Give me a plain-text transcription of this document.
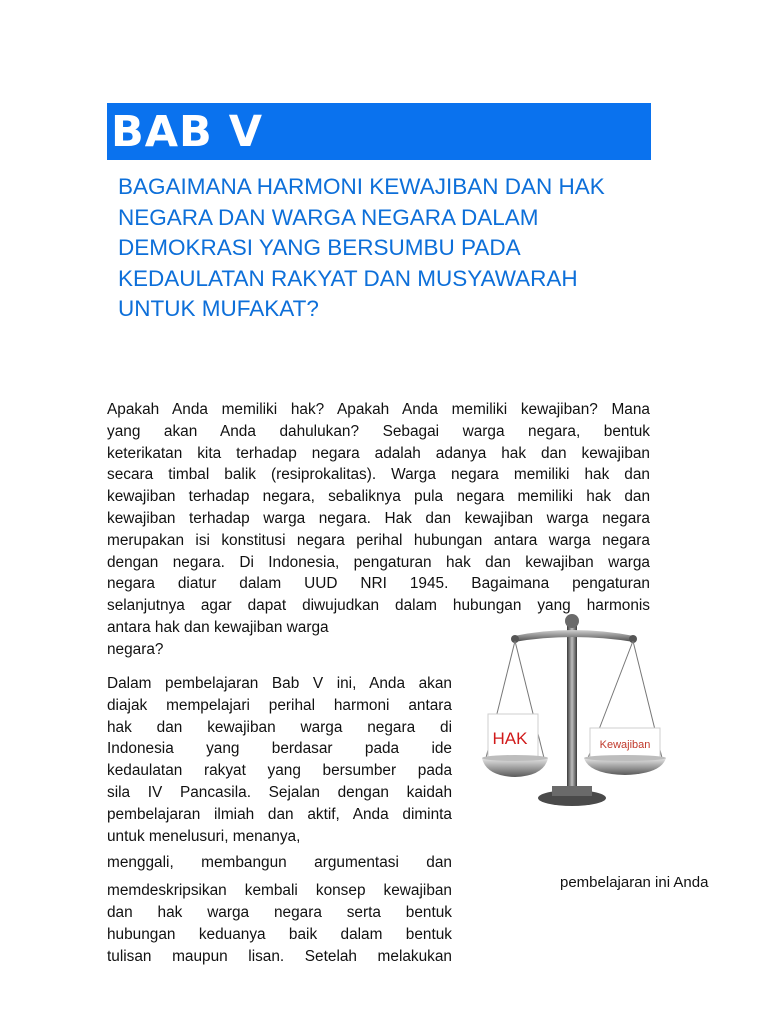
BAB V
BAGAIMANA HARMONI KEWAJIBAN DAN HAK
NEGARA DAN WARGA NEGARA DALAM
DEMOKRASI YANG BERSUMBU PADA
KEDAULATAN RAKYAT DAN MUSYAWARAH
UNTUK MUFAKAT?
Apakah Anda memiliki hak? Apakah Anda memiliki kewajiban? Mana
yang akan Anda dahulukan? Sebagai warga negara, bentuk
keterikatan kita terhadap negara adalah adanya hak dan kewajiban
secara timbal balik (resiprokalitas). Warga negara memiliki hak dan
kewajiban terhadap negara, sebaliknya pula negara memiliki hak dan
kewajiban terhadap warga negara. Hak dan kewajiban warga negara
merupakan isi konstitusi negara perihal hubungan antara warga negara
dengan negara. Di Indonesia, pengaturan hak dan kewajiban warga
negara diatur dalam UUD NRI 1945. Bagaimana pengaturan
selanjutnya agar dapat diwujudkan dalam hubungan yang harmonis
antara hak dan kewajiban warga
negara?
Dalam pembelajaran Bab V ini, Anda akan
diajak mempelajari perihal harmoni antara
hak dan kewajiban warga negara di
Indonesia yang berdasar pada ide
kedaulatan rakyat yang bersumber pada
sila IV Pancasila. Sejalan dengan kaidah
pembelajaran ilmiah dan aktif, Anda diminta
untuk menelusuri, menanya,
menggali, membangun argumentasi dan
memdeskripsikan kembali konsep kewajiban
dan hak warga negara serta bentuk
hubungan keduanya baik dalam bentuk
tulisan maupun lisan. Setelah melakukan
pembelajaran ini Anda
HAK	Kewajiban
